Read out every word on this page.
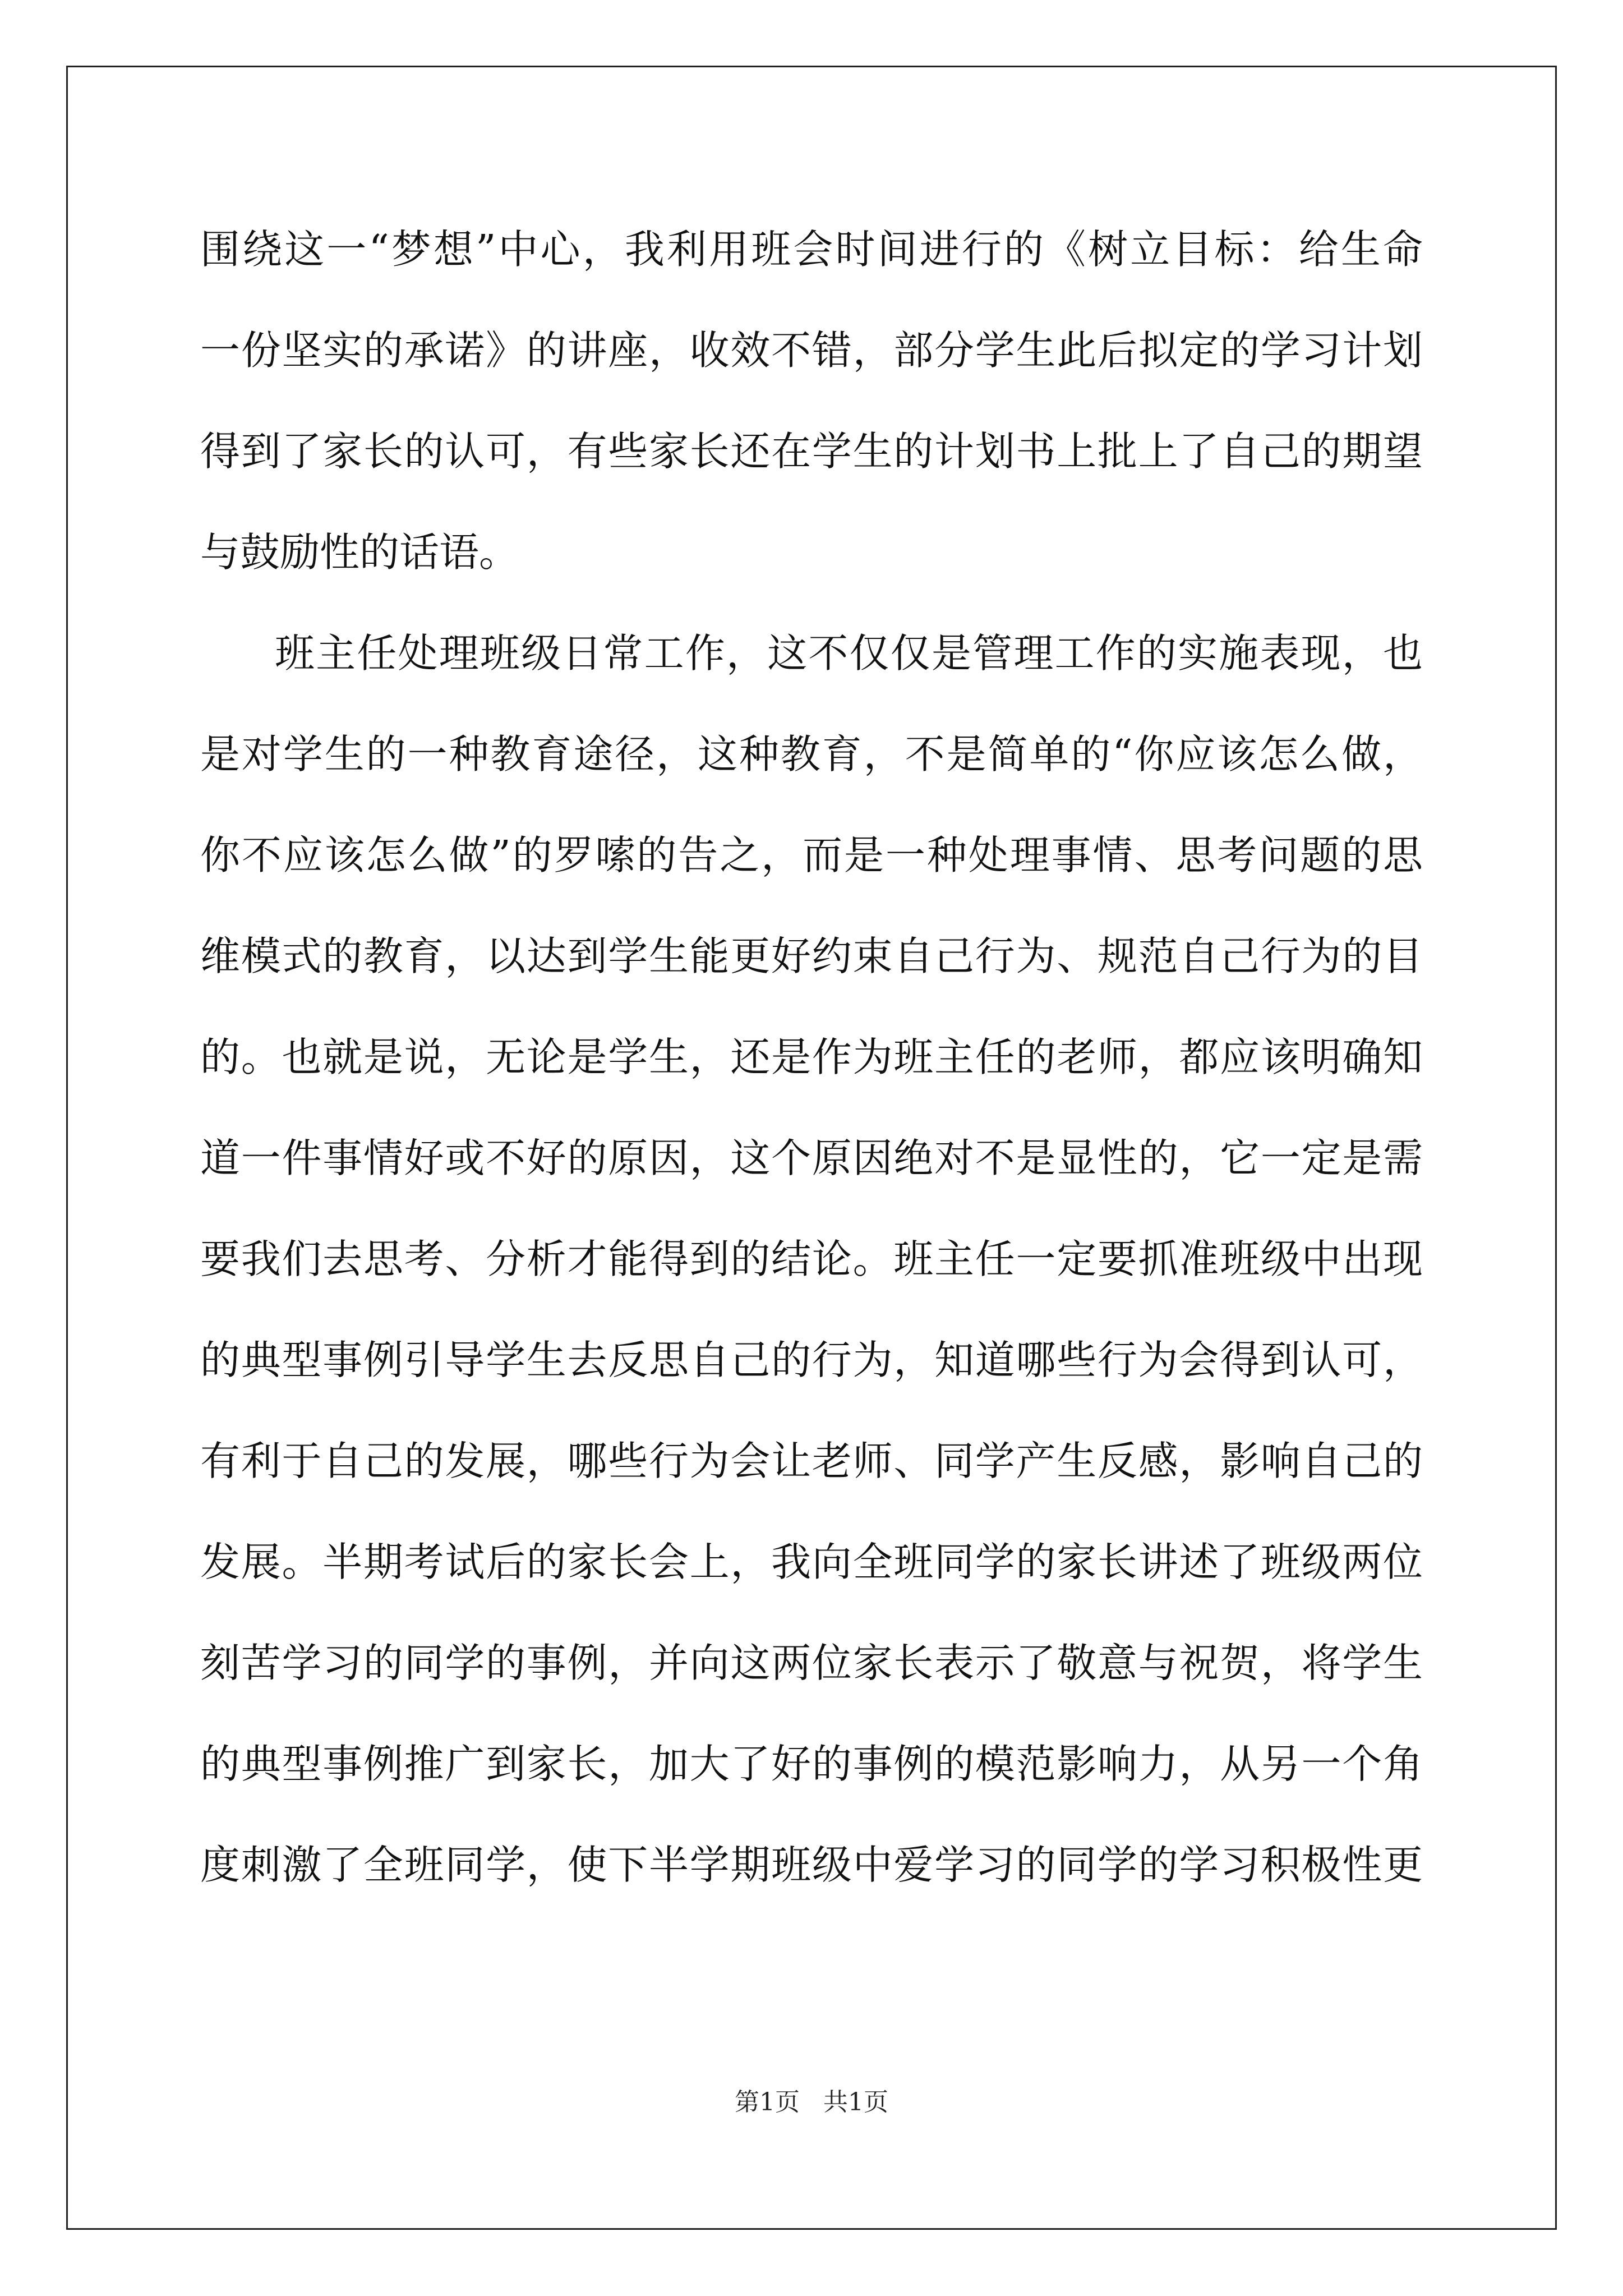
围绕这一“梦想”中心，我利用班会时间进行的《树立目标：给生命

一份坚实的承诺》的讲座，收效不错，部分学生此后拟定的学习计划

得到了家长的认可，有些家长还在学生的计划书上批上了自己的期望

与鼓励性的话语。

班主任处理班级日常工作，这不仅仅是管理工作的实施表现，也

是对学生的一种教育途径，这种教育，不是简单的“你应该怎么做，

你不应该怎么做”的罗嗦的告之，而是一种处理事情、思考问题的思

维模式的教育，以达到学生能更好约束自己行为、规范自己行为的目

的。也就是说，无论是学生，还是作为班主任的老师，都应该明确知

道一件事情好或不好的原因，这个原因绝对不是显性的，它一定是需

要我们去思考、分析才能得到的结论。班主任一定要抓准班级中出现

的典型事例引导学生去反思自己的行为，知道哪些行为会得到认可，

有利于自己的发展，哪些行为会让老师、同学产生反感，影响自己的

发展。半期考试后的家长会上，我向全班同学的家长讲述了班级两位

刻苦学习的同学的事例，并向这两位家长表示了敬意与祝贺，将学生

的典型事例推广到家长，加大了好的事例的模范影响力，从另一个角

度刺激了全班同学，使下半学期班级中爱学习的同学的学习积极性更

第1页 共1页
